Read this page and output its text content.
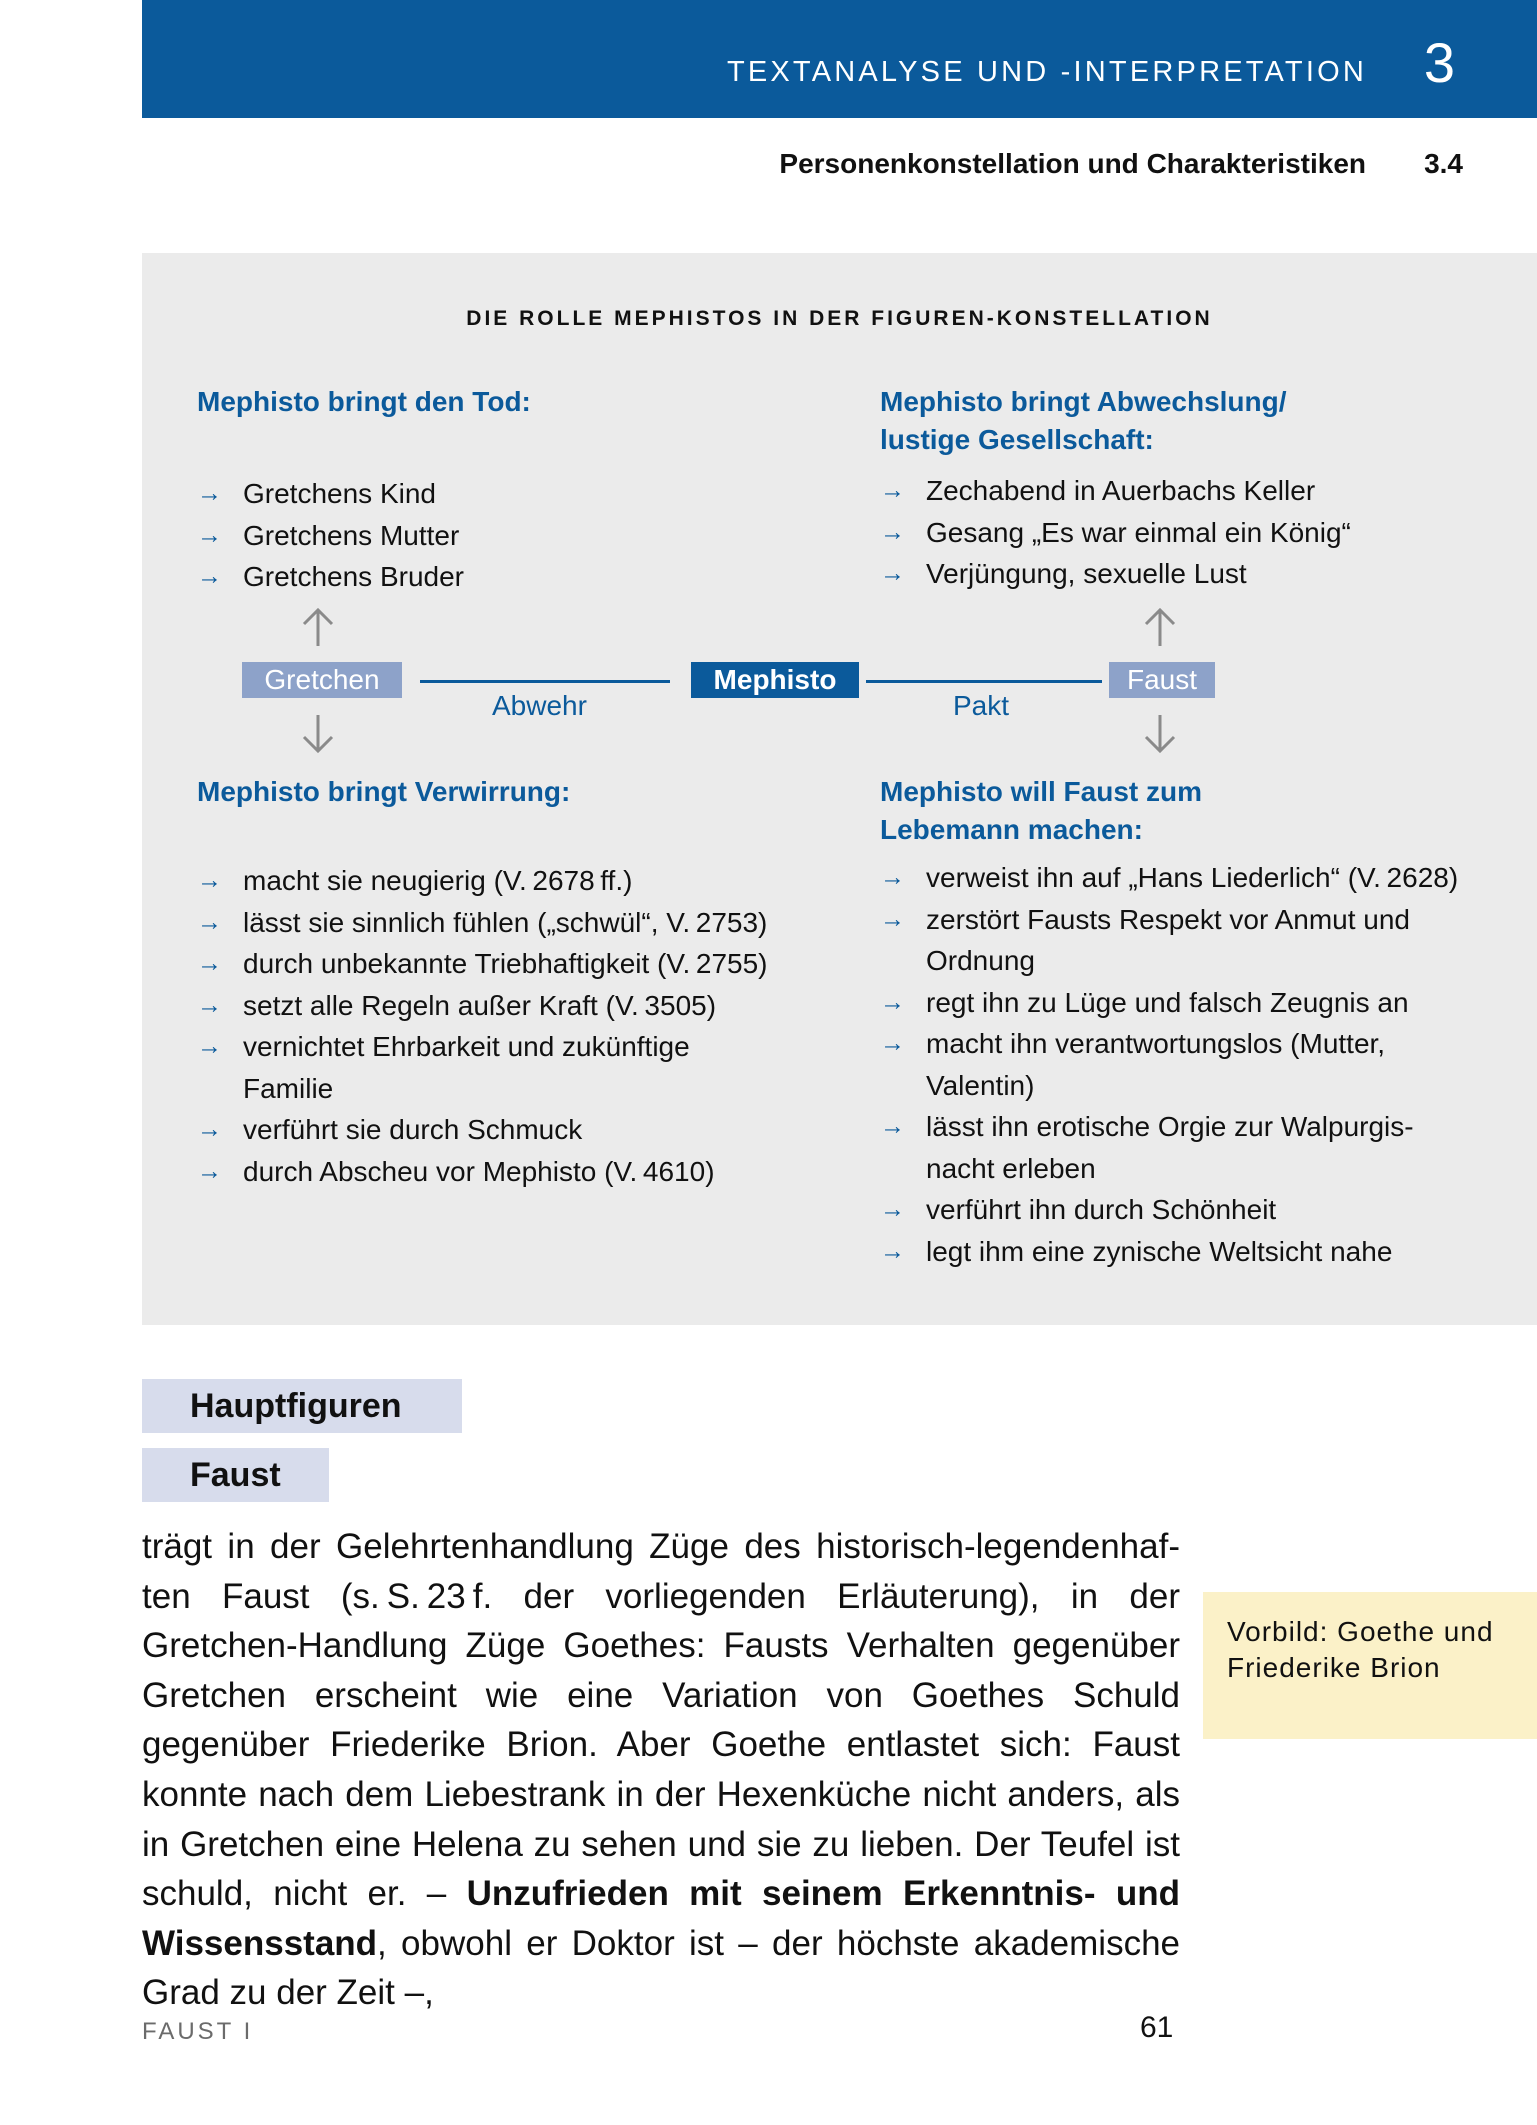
TEXTANALYSE UND -INTERPRETATION 3
Personenkonstellation und Charakteristiken 3.4
DIE ROLLE MEPHISTOS IN DER FIGUREN-KONSTELLATION

Mephisto bringt den Tod:

→ Gretchens Kind
→ Gretchens Mutter
→ Gretchens Bruder
Mephisto bringt Abwechslung/
lustige Gesellschaft:
→ Zechabend in Auerbachs Keller
→ Gesang „Es war einmal ein König“
→ Verjüngung, sexuelle Lust
Gretchen
Abwehr
Mephisto
Pakt
Faust

Mephisto bringt Verwirrung:

→ macht sie neugierig (V. 2678 ff.)
→ lässt sie sinnlich fühlen („schwül“, V. 2753)
→ durch unbekannte Triebhaftigkeit (V. 2755)
→ setzt alle Regeln außer Kraft (V. 3505)
→ vernichtet Ehrbarkeit und zukünftige Familie
→ verführt sie durch Schmuck
→ durch Abscheu vor Mephisto (V. 4610)
Mephisto will Faust zum
Lebemann machen:
→ verweist ihn auf „Hans Liederlich“ (V. 2628)
→ zerstört Fausts Respekt vor Anmut und Ordnung
→ regt ihn zu Lüge und falsch Zeugnis an
→ macht ihn verantwortungslos (Mutter, Valentin)
→ lässt ihn erotische Orgie zur Walpurgis-nacht erleben
→ verführt ihn durch Schönheit
→ legt ihm eine zynische Weltsicht nahe
Hauptfiguren
Faust

trägt in der Gelehrtenhandlung Züge des historisch-legendenhaften Faust (s. S. 23 f. der vorliegenden Erläuterung), in der Gretchen-Handlung Züge Goethes: Fausts Verhalten gegenüber Gretchen erscheint wie eine Variation von Goethes Schuld gegenüber Friederike Brion. Aber Goethe entlastet sich: Faust konnte nach dem Liebestrank in der Hexenküche nicht anders, als in Gretchen eine Helena zu sehen und sie zu lieben. Der Teufel ist schuld, nicht er. – Unzufrieden mit seinem Erkenntnis- und Wissensstand, obwohl er Doktor ist – der höchste akademische Grad zu der Zeit –,

Vorbild: Goethe und Friederike Brion
FAUST I	61
